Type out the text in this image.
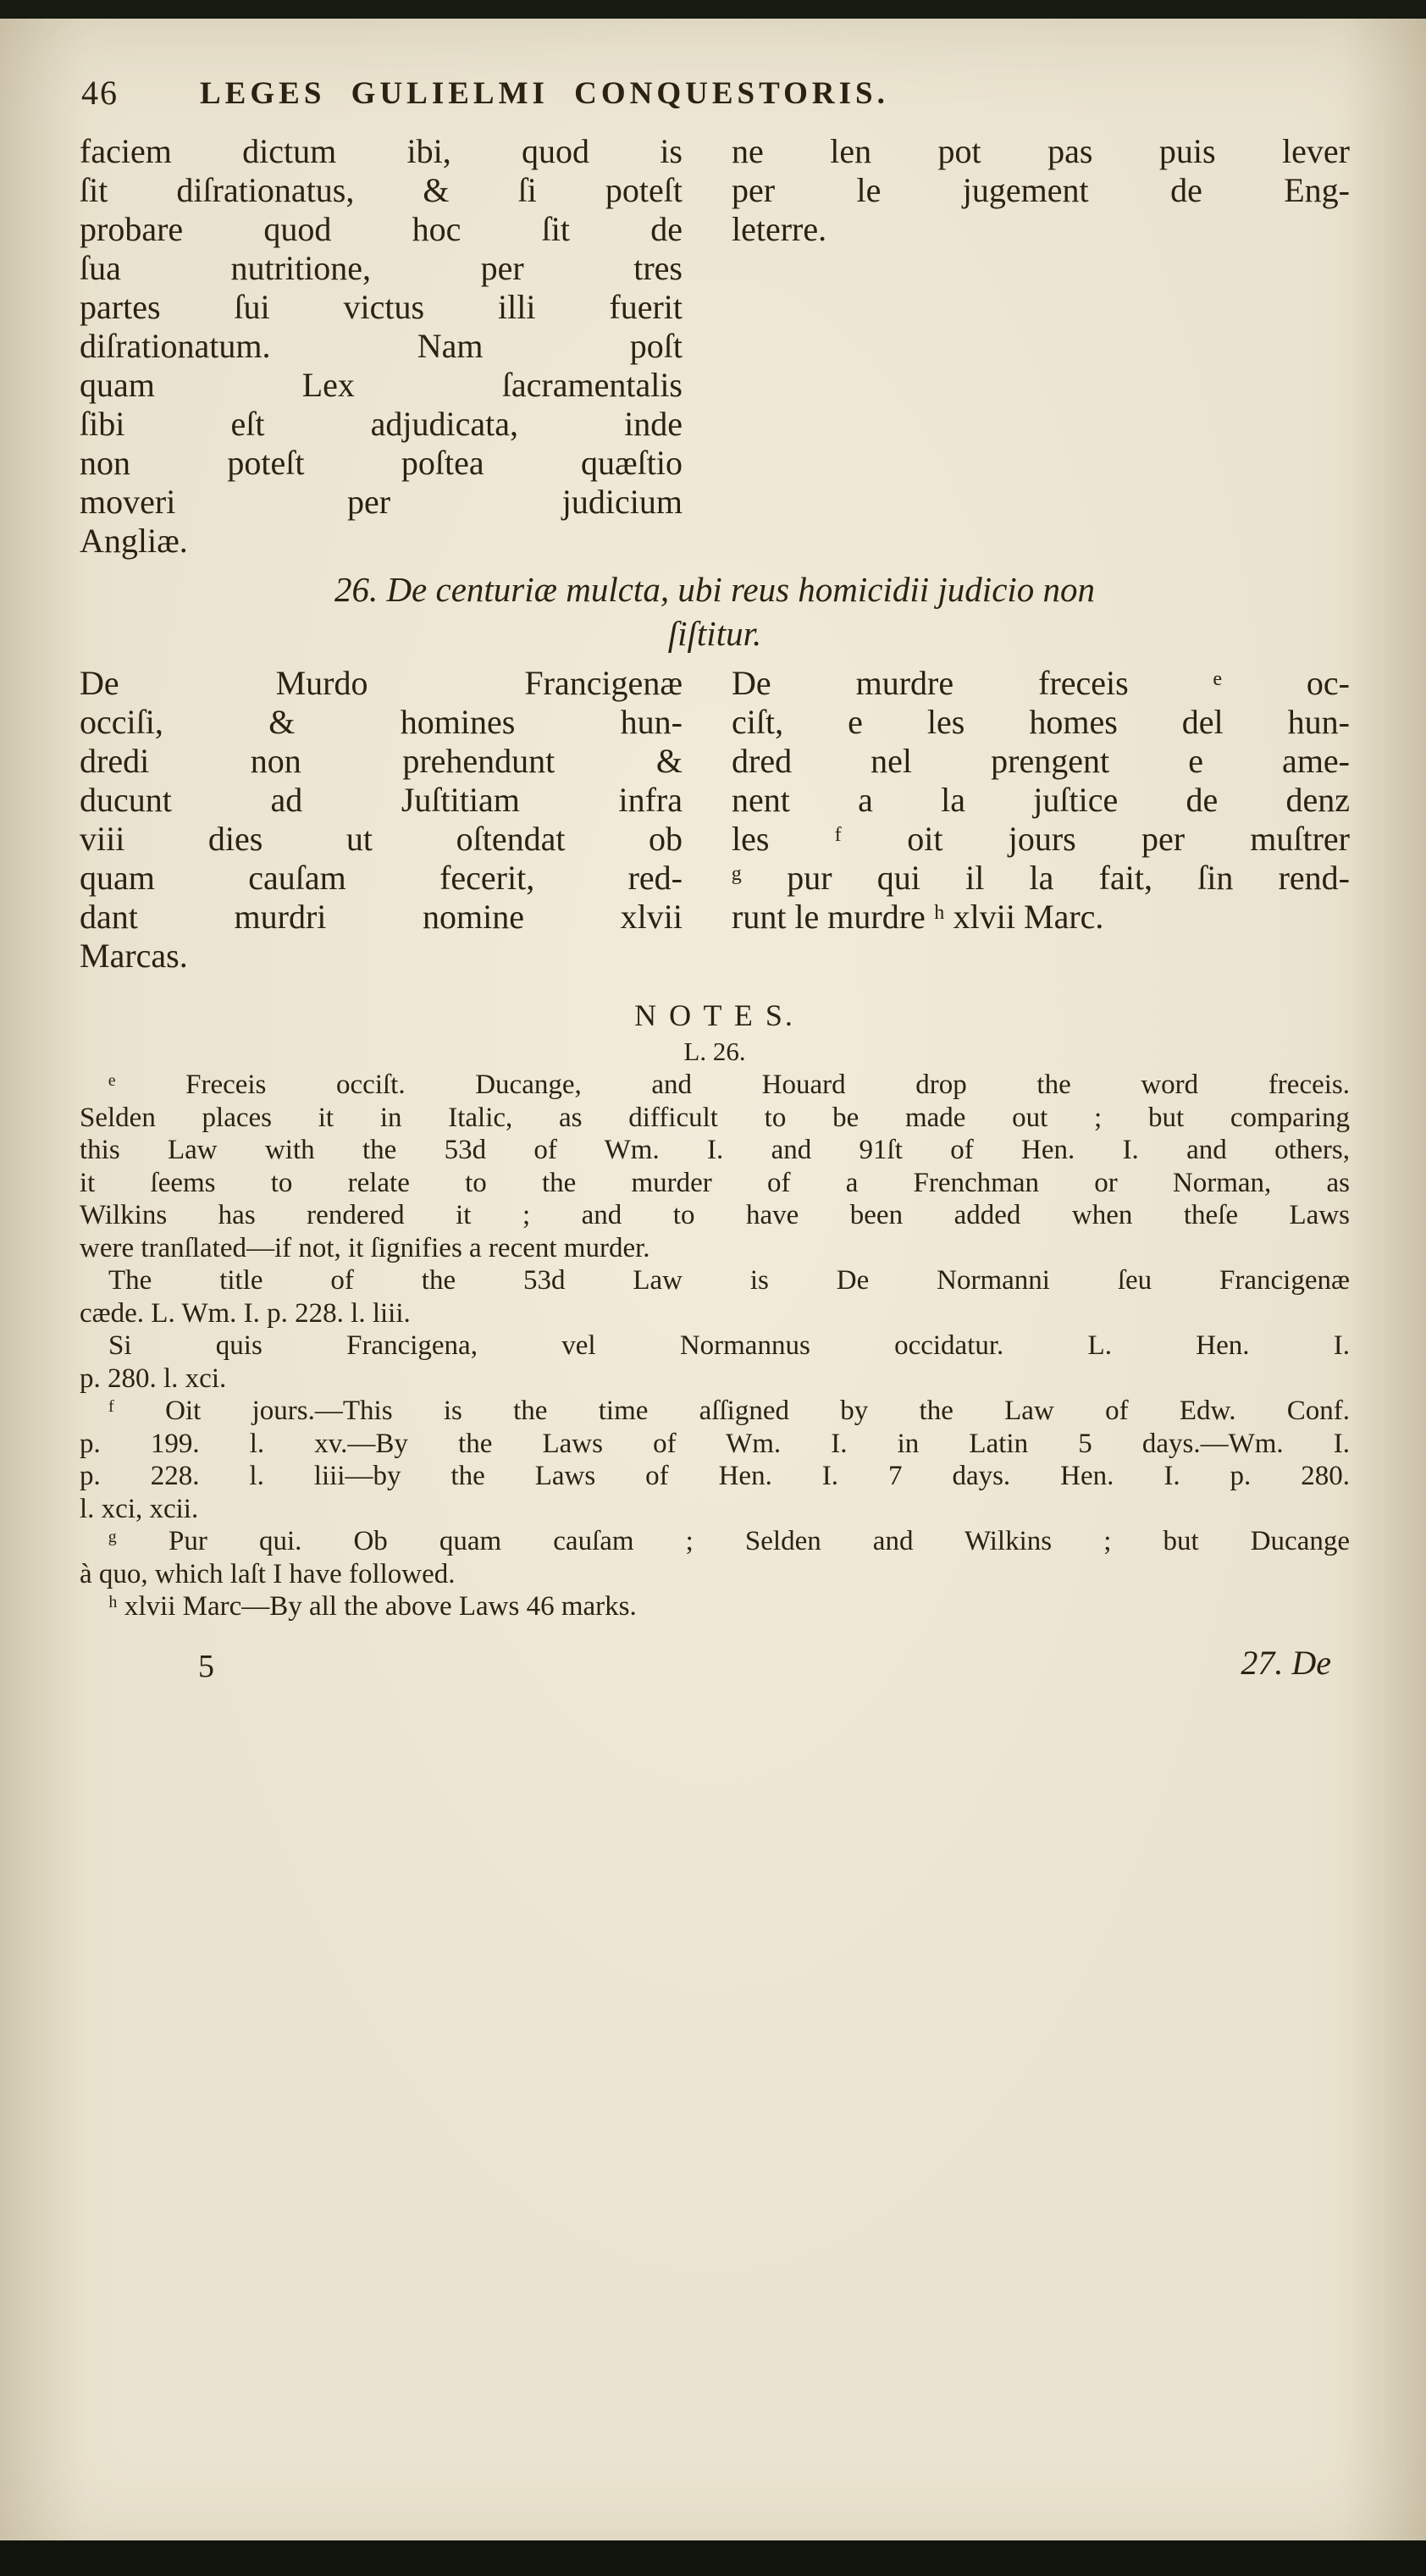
46	LEGES GULIELMI CONQUESTORIS.
faciem dictum ibi, quod is
ſit diſrationatus, & ſi poteſt
probare quod hoc ſit de
ſua nutritione, per tres
partes ſui victus illi fuerit
diſrationatum. Nam poſt
quam Lex ſacramentalis
ſibi eſt adjudicata, inde
non poteſt poſtea quæſtio
moveri per judicium
Angliæ.
ne len pot pas puis lever
per le jugement de Eng-
leterre.
26. De centuriæ mulcta, ubi reus homicidii judicio non
ſiſtitur.
De Murdo Francigenæ
occiſi, & homines hun-
dredi non prehendunt &
ducunt ad Juſtitiam infra
viii dies ut oſtendat ob
quam cauſam fecerit, red-
dant murdri nomine xlvii
Marcas.
De murdre freceis ᵉ oc-
ciſt, e les homes del hun-
dred nel prengent e ame-
nent a la juſtice de denz
les ᶠ oit jours per muſtrer
ᵍ pur qui il la fait, ſin rend-
runt le murdre ʰ xlvii Marc.
N O T E S.
L. 26.
ᵉ Freceis occiſt. Ducange, and Houard drop the word freceis.
Selden places it in Italic, as difficult to be made out ; but comparing
this Law with the 53d of Wm. I. and 91ſt of Hen. I. and others,
it ſeems to relate to the murder of a Frenchman or Norman, as
Wilkins has rendered it ; and to have been added when theſe Laws
were tranſlated—if not, it ſignifies a recent murder.
The title of the 53d Law is De Normanni ſeu Francigenæ
cæde. L. Wm. I. p. 228. l. liii.
Si quis Francigena, vel Normannus occidatur. L. Hen. I.
p. 280. l. xci.
ᶠ Oit jours.—This is the time aſſigned by the Law of Edw. Conf.
p. 199. l. xv.—By the Laws of Wm. I. in Latin 5 days.—Wm. I.
p. 228. l. liii—by the Laws of Hen. I. 7 days. Hen. I. p. 280.
l. xci, xcii.
ᵍ Pur qui. Ob quam cauſam ; Selden and Wilkins ; but Ducange
à quo, which laſt I have followed.
ʰ xlvii Marc—By all the above Laws 46 marks.
5	27. De
